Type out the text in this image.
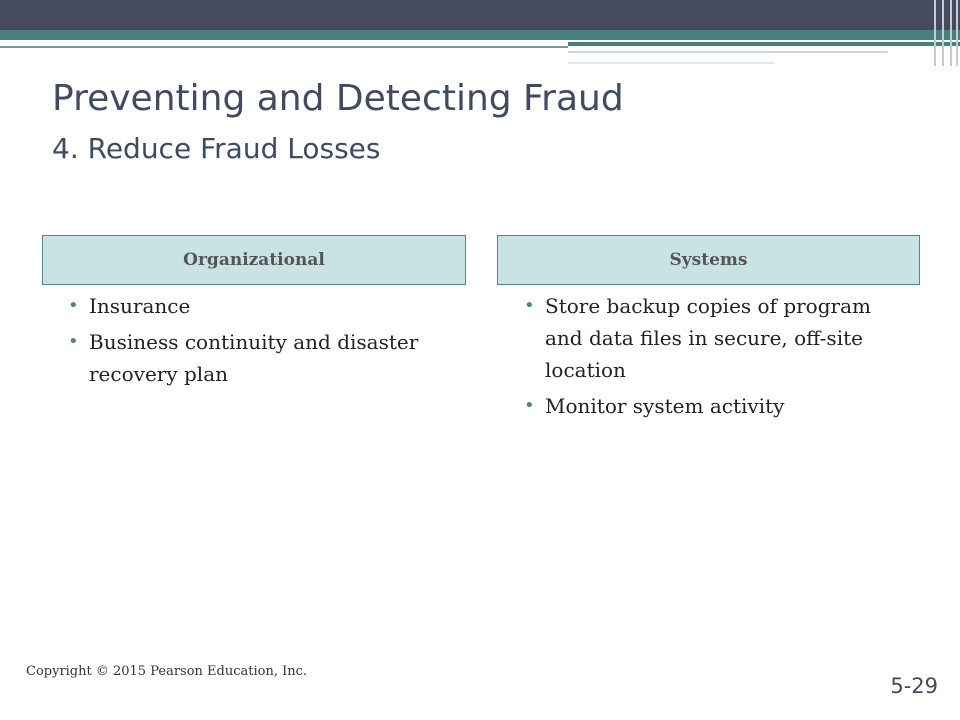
Preventing and Detecting Fraud
4. Reduce Fraud Losses
Organizational	Systems
• Insurance
• Business continuity and disaster recovery plan
• Store backup copies of program and data files in secure, off-site location
• Monitor system activity
Copyright © 2015 Pearson Education, Inc.
5-29
